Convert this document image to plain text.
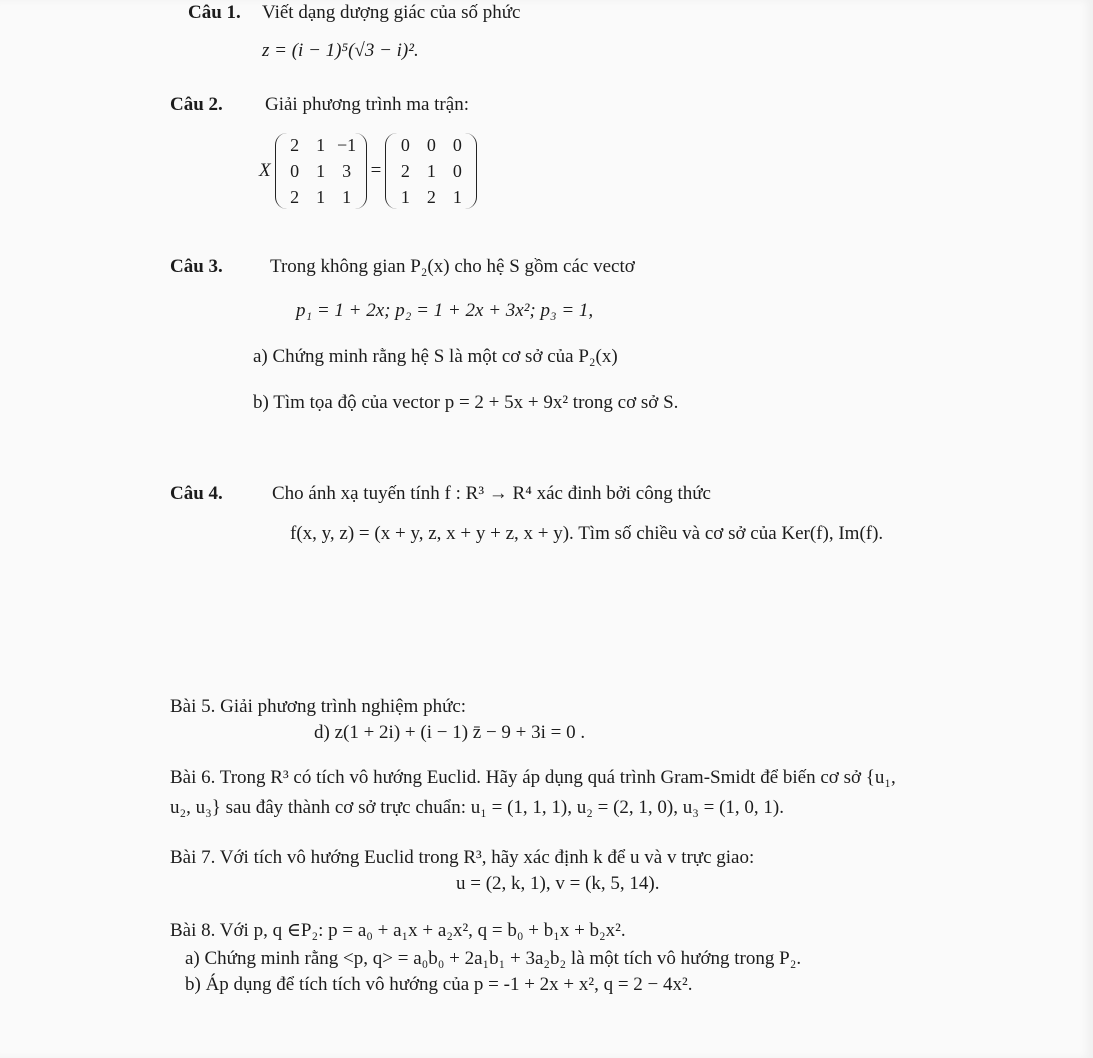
Câu 1. Viết dạng dượng giác của số phức
z = (i − 1)⁵(√3 − i)².
Câu 2. Giải phương trình ma trận:
X
2 1 −1
0 1 3
2 1 1
=
0 0 0
2 1 0
1 2 1
Câu 3. Trong không gian P₂(x) cho hệ S gồm các vectơ
p₁ = 1 + 2x; p₂ = 1 + 2x + 3x²; p₃ = 1,
a) Chứng minh rằng hệ S là một cơ sở của P₂(x)
b) Tìm tọa độ của vector p = 2 + 5x + 9x² trong cơ sở S.
Câu 4.	Cho ánh xạ tuyến tính f : R³ → R⁴ xác đinh bởi công thức
f(x, y, z) = (x + y, z, x + y + z, x + y). Tìm số chiều và cơ sở của Ker(f), Im(f).
Bài 5. Giải phương trình nghiệm phức:
d) z(1 + 2i) + (i − 1) z̄ − 9 + 3i = 0 .
Bài 6. Trong R³ có tích vô hướng Euclid. Hãy áp dụng quá trình Gram-Smidt để biến cơ sở {u₁,
u₂, u₃} sau đây thành cơ sở trực chuẩn: u₁ = (1, 1, 1), u₂ = (2, 1, 0), u₃ = (1, 0, 1).
Bài 7. Với tích vô hướng Euclid trong R³, hãy xác định k để u và v trực giao:
u = (2, k, 1), v = (k, 5, 14).
Bài 8. Với p, q ∈P₂: p = a₀ + a₁x + a₂x², q = b₀ + b₁x + b₂x².
a) Chứng minh rằng <p, q> = a₀b₀ + 2a₁b₁ + 3a₂b₂ là một tích vô hướng trong P₂.
b) Áp dụng để tích tích vô hướng của p = -1 + 2x + x², q = 2 − 4x².
